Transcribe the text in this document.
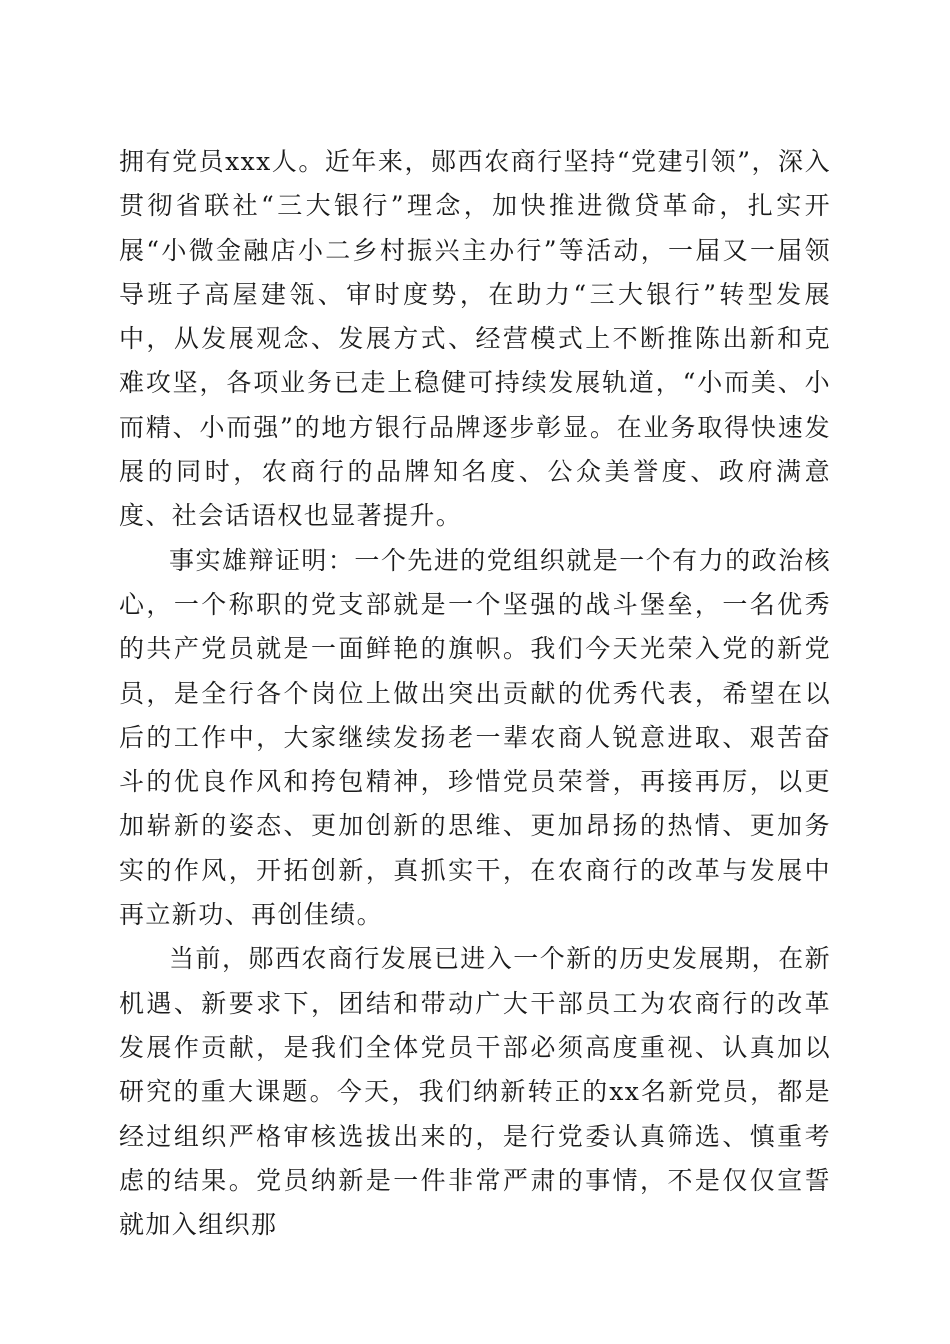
拥有党员xxx人。近年来，郧西农商行坚持“党建引领”，深入贯彻省联社“三大银行”理念，加快推进微贷革命，扎实开展“小微金融店小二乡村振兴主办行”等活动，一届又一届领导班子高屋建瓴、审时度势，在助力“三大银行”转型发展中，从发展观念、发展方式、经营模式上不断推陈出新和克难攻坚，各项业务已走上稳健可持续发展轨道，“小而美、小而精、小而强”的地方银行品牌逐步彰显。在业务取得快速发展的同时，农商行的品牌知名度、公众美誉度、政府满意度、社会话语权也显著提升。

事实雄辩证明：一个先进的党组织就是一个有力的政治核心，一个称职的党支部就是一个坚强的战斗堡垒，一名优秀的共产党员就是一面鲜艳的旗帜。我们今天光荣入党的新党员，是全行各个岗位上做出突出贡献的优秀代表，希望在以后的工作中，大家继续发扬老一辈农商人锐意进取、艰苦奋斗的优良作风和挎包精神，珍惜党员荣誉，再接再厉，以更加崭新的姿态、更加创新的思维、更加昂扬的热情、更加务实的作风，开拓创新，真抓实干，在农商行的改革与发展中再立新功、再创佳绩。

当前，郧西农商行发展已进入一个新的历史发展期，在新机遇、新要求下，团结和带动广大干部员工为农商行的改革发展作贡献，是我们全体党员干部必须高度重视、认真加以研究的重大课题。今天，我们纳新转正的xx名新党员，都是经过组织严格审核选拔出来的，是行党委认真筛选、慎重考虑的结果。党员纳新是一件非常严肃的事情，不是仅仅宣誓就加入组织那
